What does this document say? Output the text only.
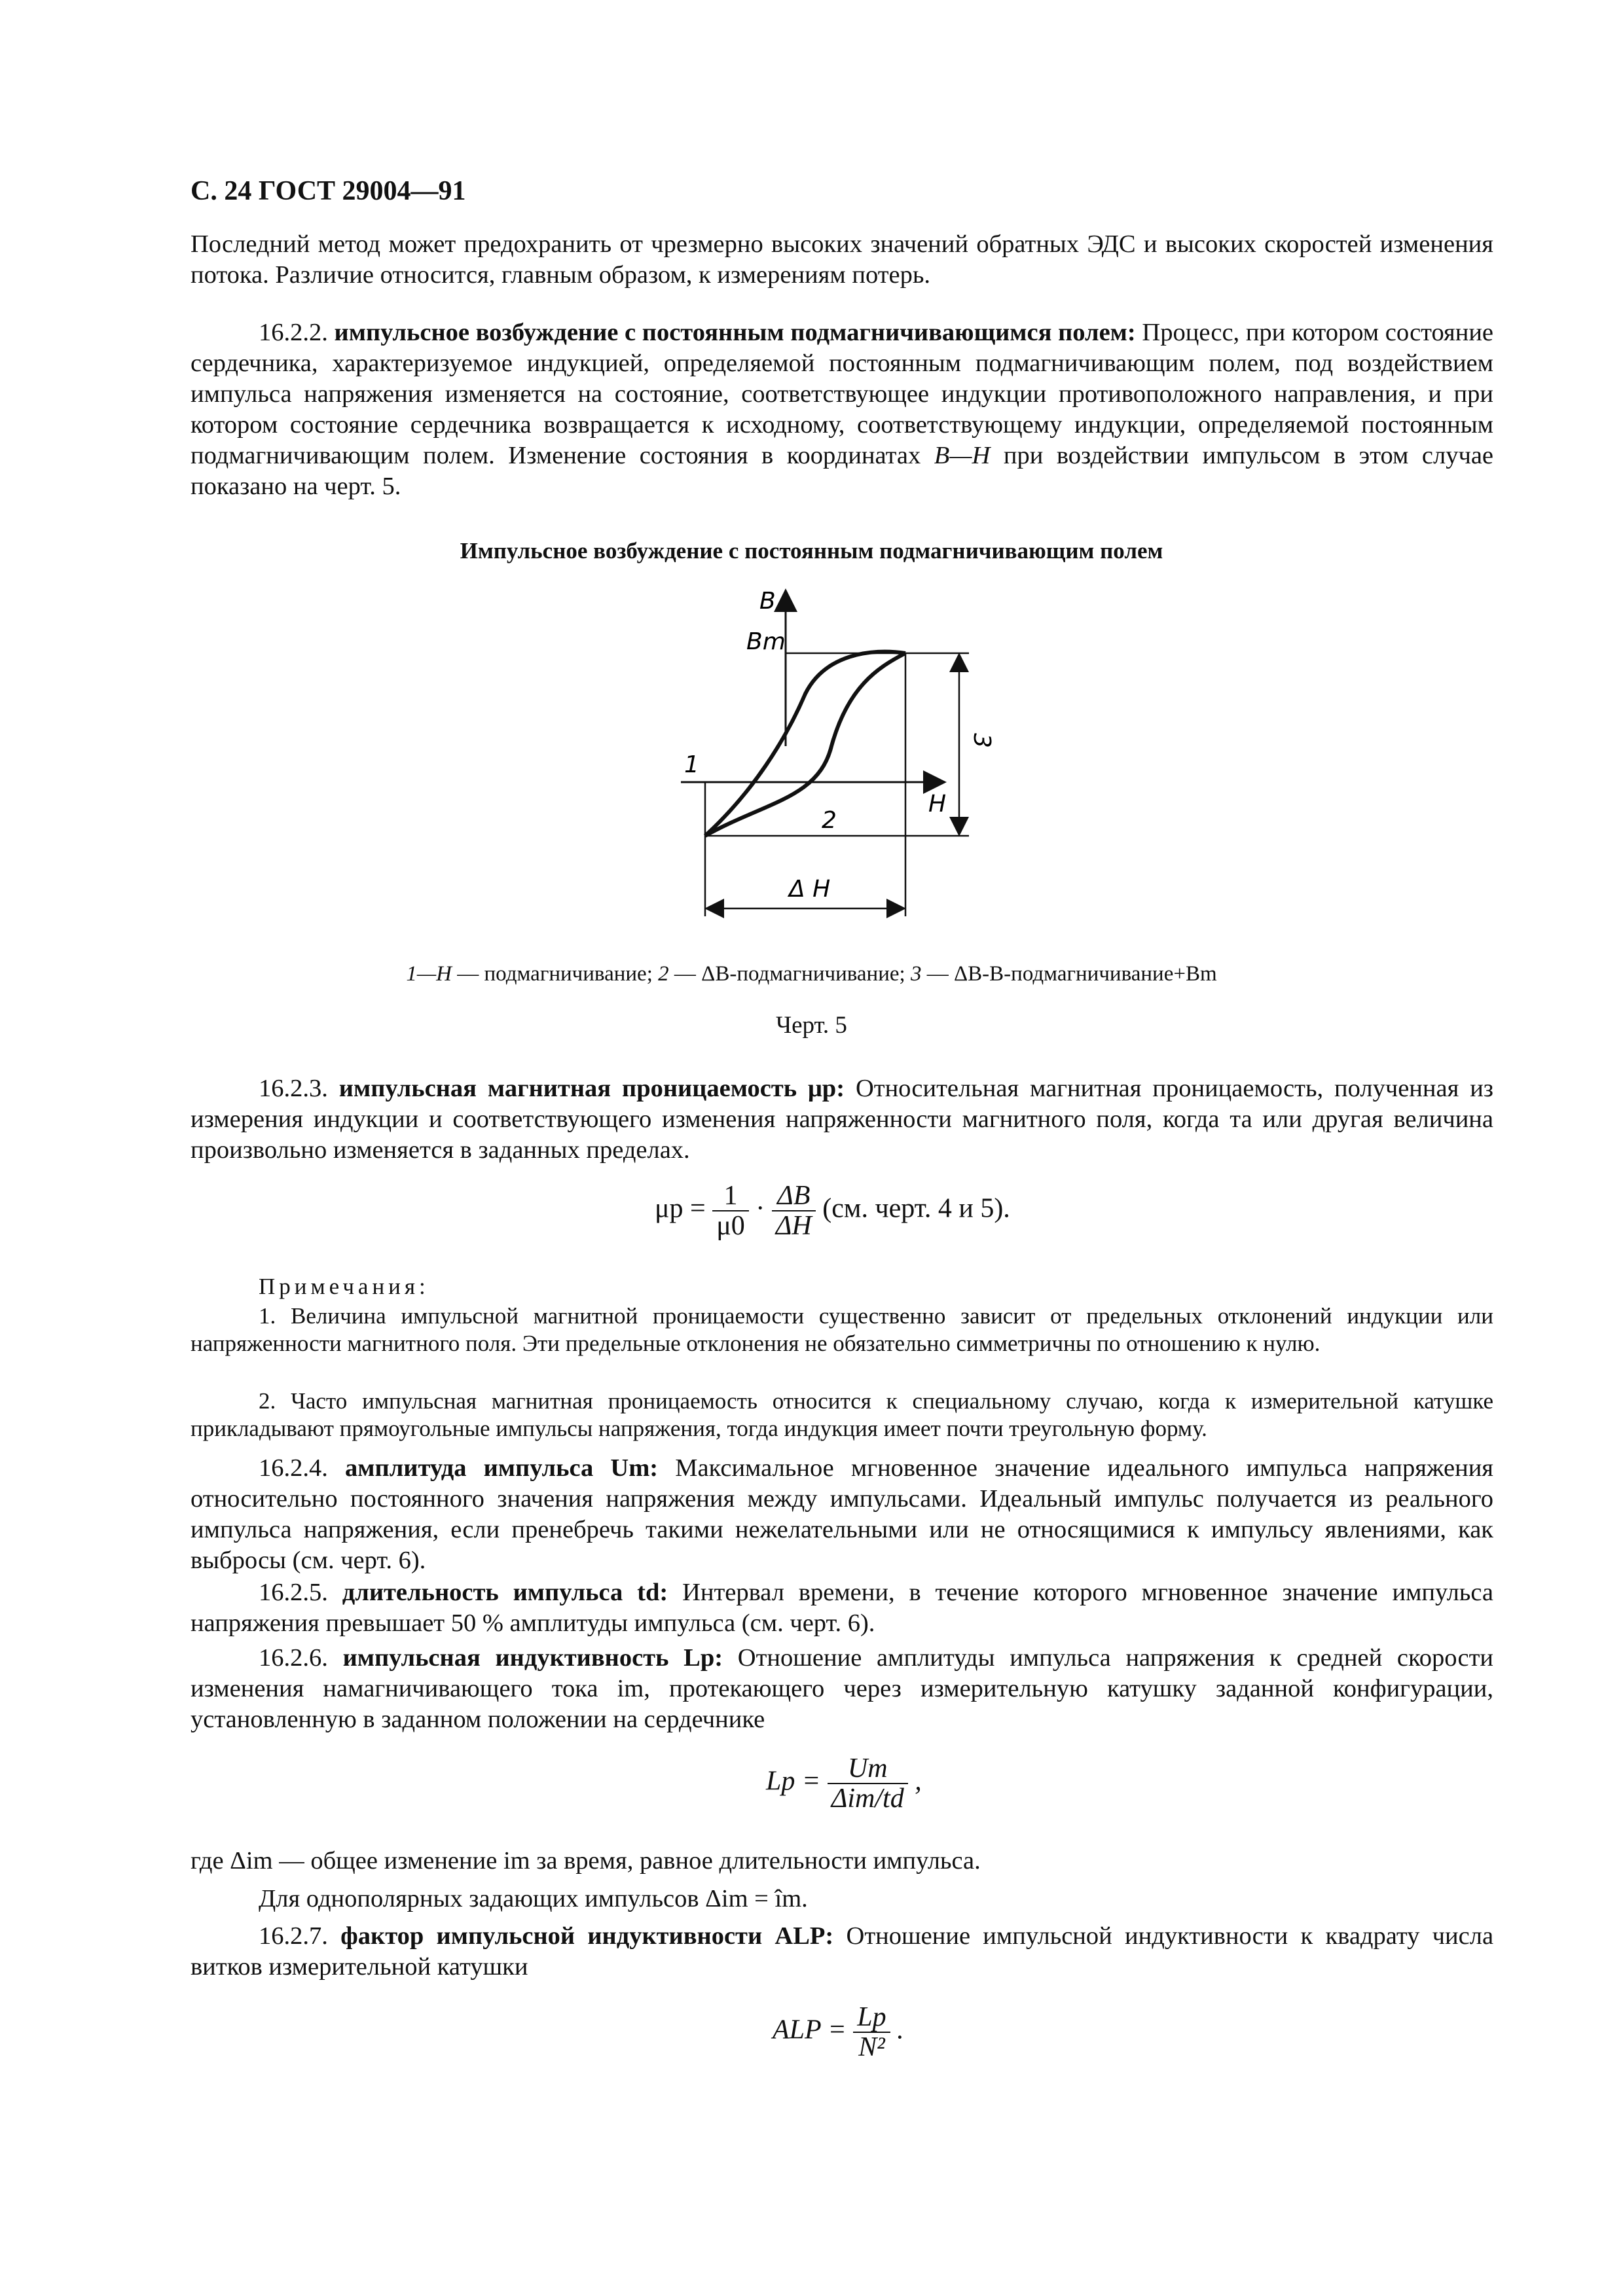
С. 24 ГОСТ 29004—91

Последний метод может предохранить от чрезмерно высоких значений обратных ЭДС и высоких скоростей изменения потока. Различие относится, главным образом, к измерениям потерь.

16.2.2. импульсное возбуждение с постоянным подмагничивающимся полем: Процесс, при котором состояние сердечника, характеризуемое индукцией, определяемой постоянным подмагничивающим полем, под воздействием импульса напряжения изменяется на состояние, соответствующее индукции противоположного направления, и при котором состояние сердечника возвращается к исходному, соответствующему индукции, определяемой постоянным подмагничивающим полем. Изменение состояния в координатах B—H при воздействии импульсом в этом случае показано на черт. 5.

Импульсное возбуждение с постоянным подмагничивающим полем
B
Bm
H
1
2
3
Δ H
1—H — подмагничивание; 2 — ΔB-подмагничивание; 3 — ΔB-B-подмагничивание+Bm
Черт. 5

16.2.3. импульсная магнитная проницаемость μp: Относительная магнитная проницаемость, полученная из измерения индукции и соответствующего изменения напряженности магнитного поля, когда та или другая величина произвольно изменяется в заданных пределах.

$\mu p = \frac{1}{\mu 0} \cdot \frac{\Delta B}{\Delta H} (см$. черт. 4 и 5).
Примечания:

1. Величина импульсной магнитной проницаемости существенно зависит от предельных отклонений индукции или напряженности магнитного поля. Эти предельные отклонения не обязательно симметричны по отношению к нулю.

2. Часто импульсная магнитная проницаемость относится к специальному случаю, когда к измерительной катушке прикладывают прямоугольные импульсы напряжения, тогда индукция имеет почти треугольную форму.

16.2.4. амплитуда импульса Um: Максимальное мгновенное значение идеального импульса напряжения относительно постоянного значения напряжения между импульсами. Идеальный импульс получается из реального импульса напряжения, если пренебречь такими нежелательными или не относящимися к импульсу явлениями, как выбросы (см. черт. 6).

16.2.5. длительность импульса td: Интервал времени, в течение которого мгновенное значение импульса напряжения превышает 50 % амплитуды импульса (см. черт. 6).

16.2.6. импульсная индуктивность Lp: Отношение амплитуды импульса напряжения к средней скорости изменения намагничивающего тока im, протекающего через измерительную катушку заданной конфигурации, установленную в заданном положении на сердечнике

$Lp = \frac{Um}{\text{Δim/td}}$ ,

где Δim — общее изменение im за время, равное длительности импульса.

Для однополярных задающих импульсов Δim = îm.

16.2.7. фактор импульсной индуктивности ALP: Отношение импульсной индуктивности к квадрату числа витков измерительной катушки

ALP = $\frac{Lp}{\text{N²}}$ .
